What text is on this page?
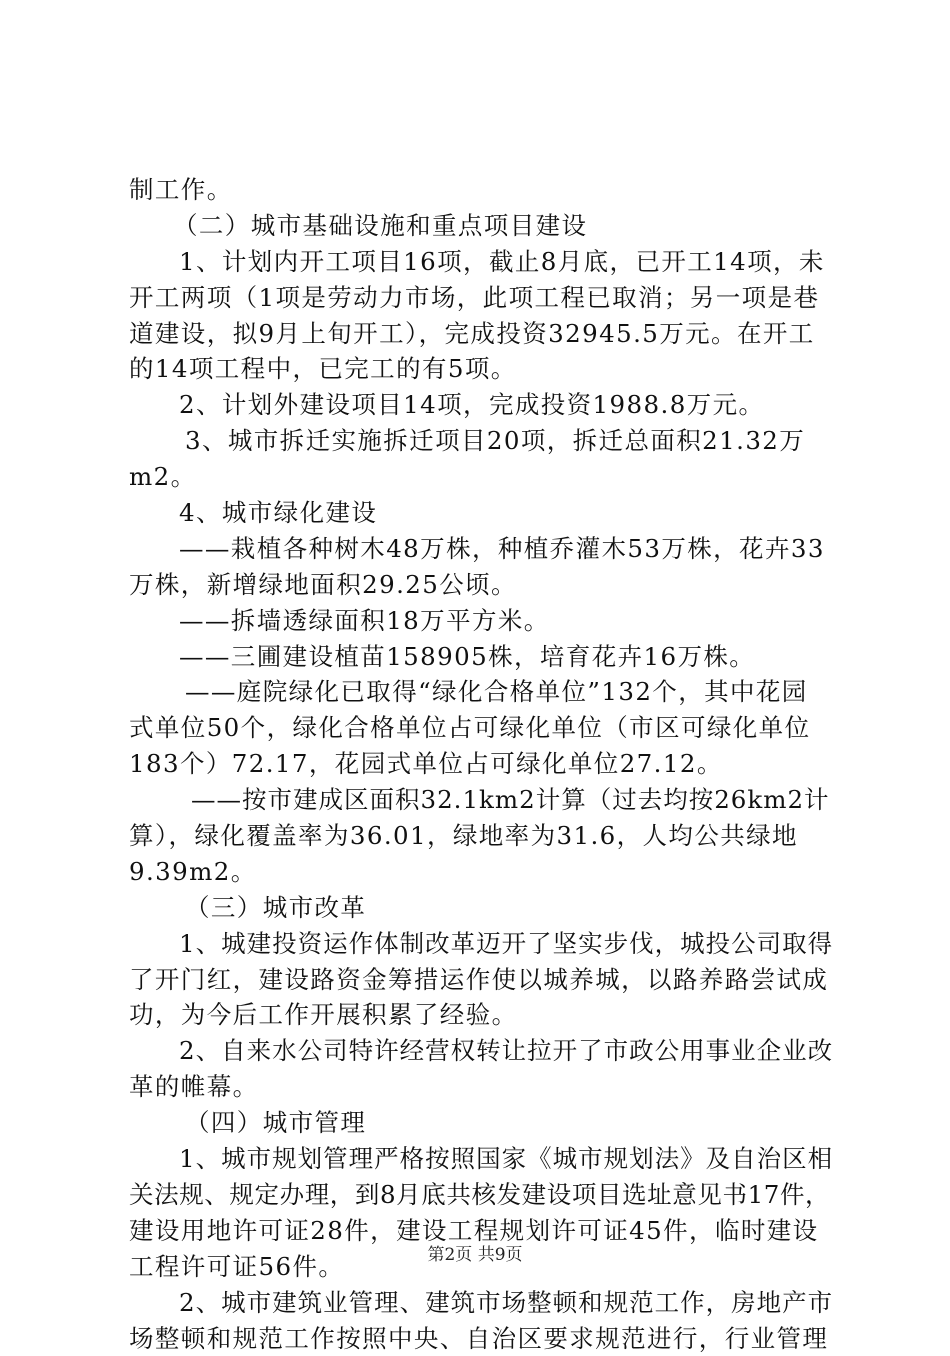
制工作。
（二）城市基础设施和重点项目建设
1、计划内开工项目16项，截止8月底，已开工14项，未
开工两项（1项是劳动力市场，此项工程已取消；另一项是巷
道建设，拟9月上旬开工），完成投资32945.5万元。在开工
的14项工程中，已完工的有5项。
2、计划外建设项目14项，完成投资1988.8万元。
3、城市拆迁实施拆迁项目20项，拆迁总面积21.32万
m2。
4、城市绿化建设
——栽植各种树木48万株，种植乔灌木53万株，花卉33
万株，新增绿地面积29.25公顷。
——拆墙透绿面积18万平方米。
——三圃建设植苗158905株，培育花卉16万株。
——庭院绿化已取得“绿化合格单位”132个，其中花园
式单位50个，绿化合格单位占可绿化单位（市区可绿化单位
183个）72.17，花园式单位占可绿化单位27.12。
——按市建成区面积32.1km2计算（过去均按26km2计
算），绿化覆盖率为36.01，绿地率为31.6，人均公共绿地
9.39m2。
（三）城市改革
1、城建投资运作体制改革迈开了坚实步伐，城投公司取得
了开门红，建设路资金筹措运作使以城养城，以路养路尝试成
功，为今后工作开展积累了经验。
2、自来水公司特许经营权转让拉开了市政公用事业企业改
革的帷幕。
（四）城市管理
1、城市规划管理严格按照国家《城市规划法》及自治区相
关法规、规定办理，到8月底共核发建设项目选址意见书17件，
建设用地许可证28件，建设工程规划许可证45件，临时建设
工程许可证56件。
2、城市建筑业管理、建筑市场整顿和规范工作，房地产市
场整顿和规范工作按照中央、自治区要求规范进行，行业管理
第2页 共9页
